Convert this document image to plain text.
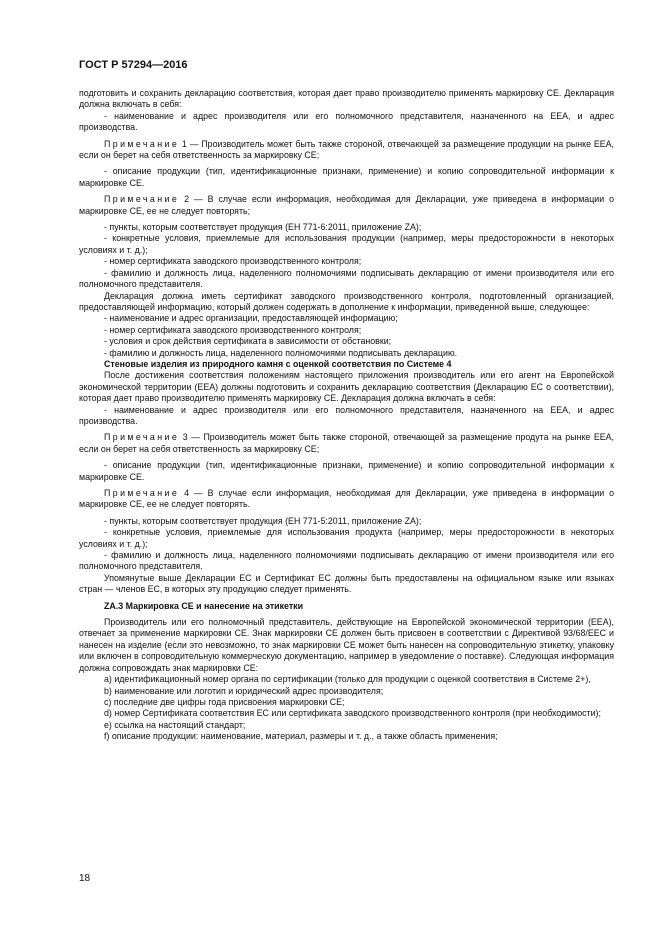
ГОСТ Р 57294—2016

подготовить и сохранить декларацию соответствия, которая дает право производителю применять маркировку СЕ. Декларация должна включать в себя:

- наименование и адрес производителя или его полномочного представителя, назначенного на ЕЕА, и адрес производства.

Примечание 1 — Производитель может быть также стороной, отвечающей за размещение продукции на рынке ЕЕА, если он берет на себя ответственность за маркировку СЕ;

- описание продукции (тип, идентификационные признаки, применение) и копию сопроводительной информации к маркировке СЕ.

Примечание 2 — В случае если информация, необходимая для Декларации, уже приведена в информации о маркировке СЕ, ее не следует повторять;

- пункты, которым соответствует продукция (ЕН 771-6:2011, приложение ZA);

- конкретные условия, приемлемые для использования продукции (например, меры предосторожности в некоторых условиях и т. д.);

- номер сертификата заводского производственного контроля;

- фамилию и должность лица, наделенного полномочиями подписывать декларацию от имени производителя или его полномочного представителя.

Декларация должна иметь сертификат заводского производственного контроля, подготовленный организацией, предоставляющей информацию, который должен содержать в дополнение к информации, приведенной выше, следующее:

- наименование и адрес организации, предоставляющей информацию;

- номер сертификата заводского производственного контроля;

- условия и срок действия сертификата в зависимости от обстановки;

- фамилию и должность лица, наделенного полномочиями подписывать декларацию.

Стеновые изделия из природного камня с оценкой соответствия по Системе 4

После достижения соответствия положениям настоящего приложения производитель или его агент на Европейской экономической территории (ЕЕА) должны подготовить и сохранить декларацию соответствия (Декларацию ЕС о соответствии), которая дает право производителю применять маркировку СЕ. Декларация должна включать в себя:

- наименование и адрес производителя или его полномочного представителя, назначенного на ЕЕА, и адрес производства.

Примечание 3 — Производитель может быть также стороной, отвечающей за размещение продута на рынке ЕЕА, если он берет на себя ответственность за маркировку СЕ;

- описание продукции (тип, идентификационные признаки, применение) и копию сопроводительной информации к маркировке СЕ.

Примечание 4 — В случае если информация, необходимая для Декларации, уже приведена в информации о маркировке СЕ, ее не следует повторять.

- пункты, которым соответствует продукция (ЕН 771-5:2011, приложение ZA);

- конкретные условия, приемлемые для использования продукта (например, меры предосторожности в некоторых условиях и т. д.);

- фамилию и должность лица, наделенного полномочиями подписывать декларацию от имени производителя или его полномочного представителя.

Упомянутые выше Декларации ЕС и Сертификат ЕС должны быть предоставлены на официальном языке или языках стран — членов ЕС, в которых эту продукцию следует применять.

ZA.3 Маркировка СЕ и нанесение на этикетки

Производитель или его полномочный представитель, действующие на Европейской экономической территории (ЕЕА), отвечает за применение маркировки СЕ. Знак маркировки СЕ должен быть присвоен в соответствии с Директивой 93/68/ЕЕС и нанесен на изделие (если это невозможно, то знак маркировки СЕ может быть нанесен на сопроводительную этикетку, упаковку или включен в сопроводительную коммерческую документацию, например в уведомление о поставке). Следующая информация должна сопровождать знак маркировки СЕ:

a) идентификационный номер органа по сертификации (только для продукции с оценкой соответствия в Системе 2+),

b) наименование или логотип и юридический адрес производителя;

c) последние две цифры года присвоения маркировки СЕ;

d) номер Сертификата соответствия ЕС или сертификата заводского производственного контроля (при необходимости);

e) ссылка на настоящий стандарт;

f) описание продукции: наименование, материал, размеры и т. д., а также область применения;

18
